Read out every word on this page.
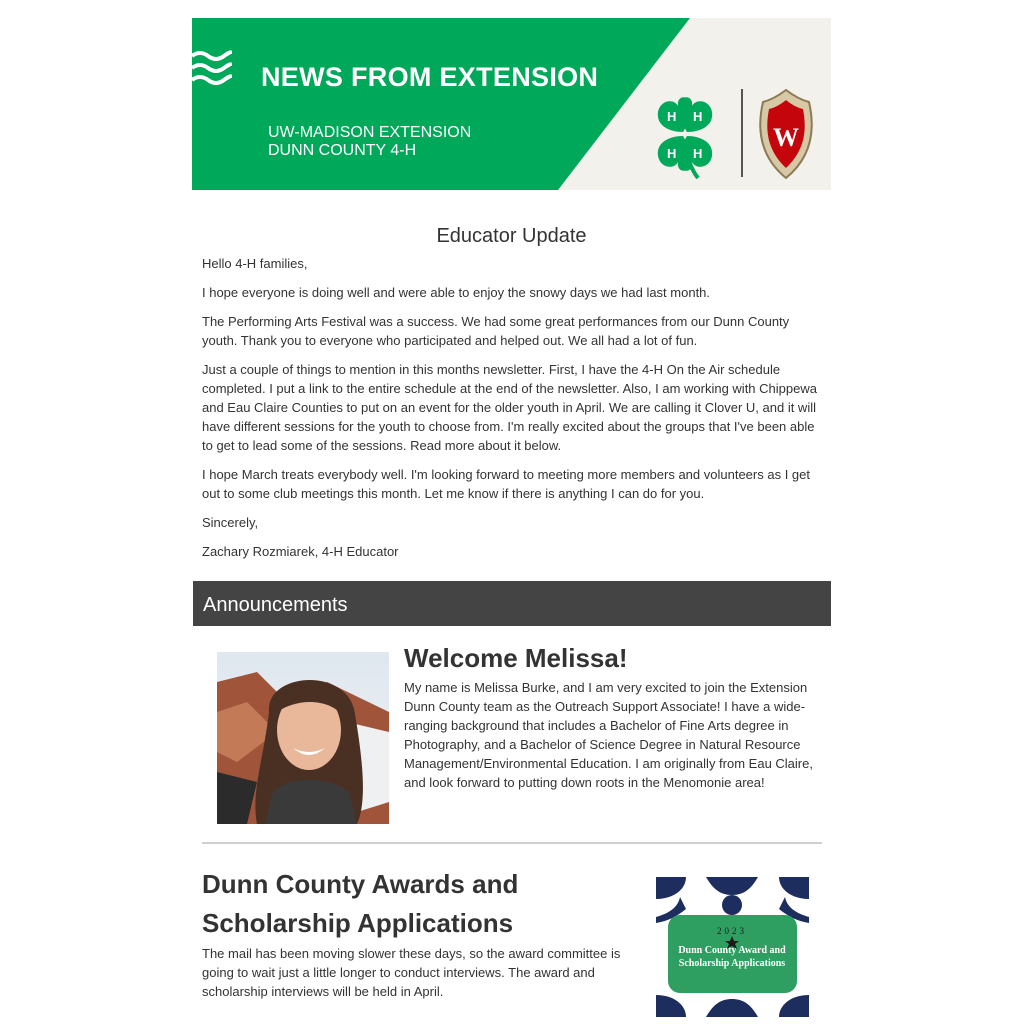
NEWS FROM EXTENSION
UW-MADISON EXTENSION
DUNN COUNTY 4-H
H H
H H
W
Educator Update

Hello 4-H families,

I hope everyone is doing well and were able to enjoy the snowy days we had last month.

The Performing Arts Festival was a success. We had some great performances from our Dunn County youth. Thank you to everyone who participated and helped out. We all had a lot of fun.

Just a couple of things to mention in this months newsletter. First, I have the 4-H On the Air schedule completed. I put a link to the entire schedule at the end of the newsletter. Also, I am working with Chippewa and Eau Claire Counties to put on an event for the older youth in April. We are calling it Clover U, and it will have different sessions for the youth to choose from. I'm really excited about the groups that I've been able to get to lead some of the sessions. Read more about it below.

I hope March treats everybody well. I'm looking forward to meeting more members and volunteers as I get out to some club meetings this month. Let me know if there is anything I can do for you.

Sincerely,

Zachary Rozmiarek, 4-H Educator

Announcements
Welcome Melissa!

My name is Melissa Burke, and I am very excited to join the Extension Dunn County team as the Outreach Support Associate! I have a wide-ranging background that includes a Bachelor of Fine Arts degree in Photography, and a Bachelor of Science Degree in Natural Resource Management/Environmental Education. I am originally from Eau Claire, and look forward to putting down roots in the Menomonie area!

Dunn County Awards and Scholarship Applications

The mail has been moving slower these days, so the award committee is going to wait just a little longer to conduct interviews. The award and scholarship interviews will be held in April.

2023
Dunn County Award and
Scholarship Applications
